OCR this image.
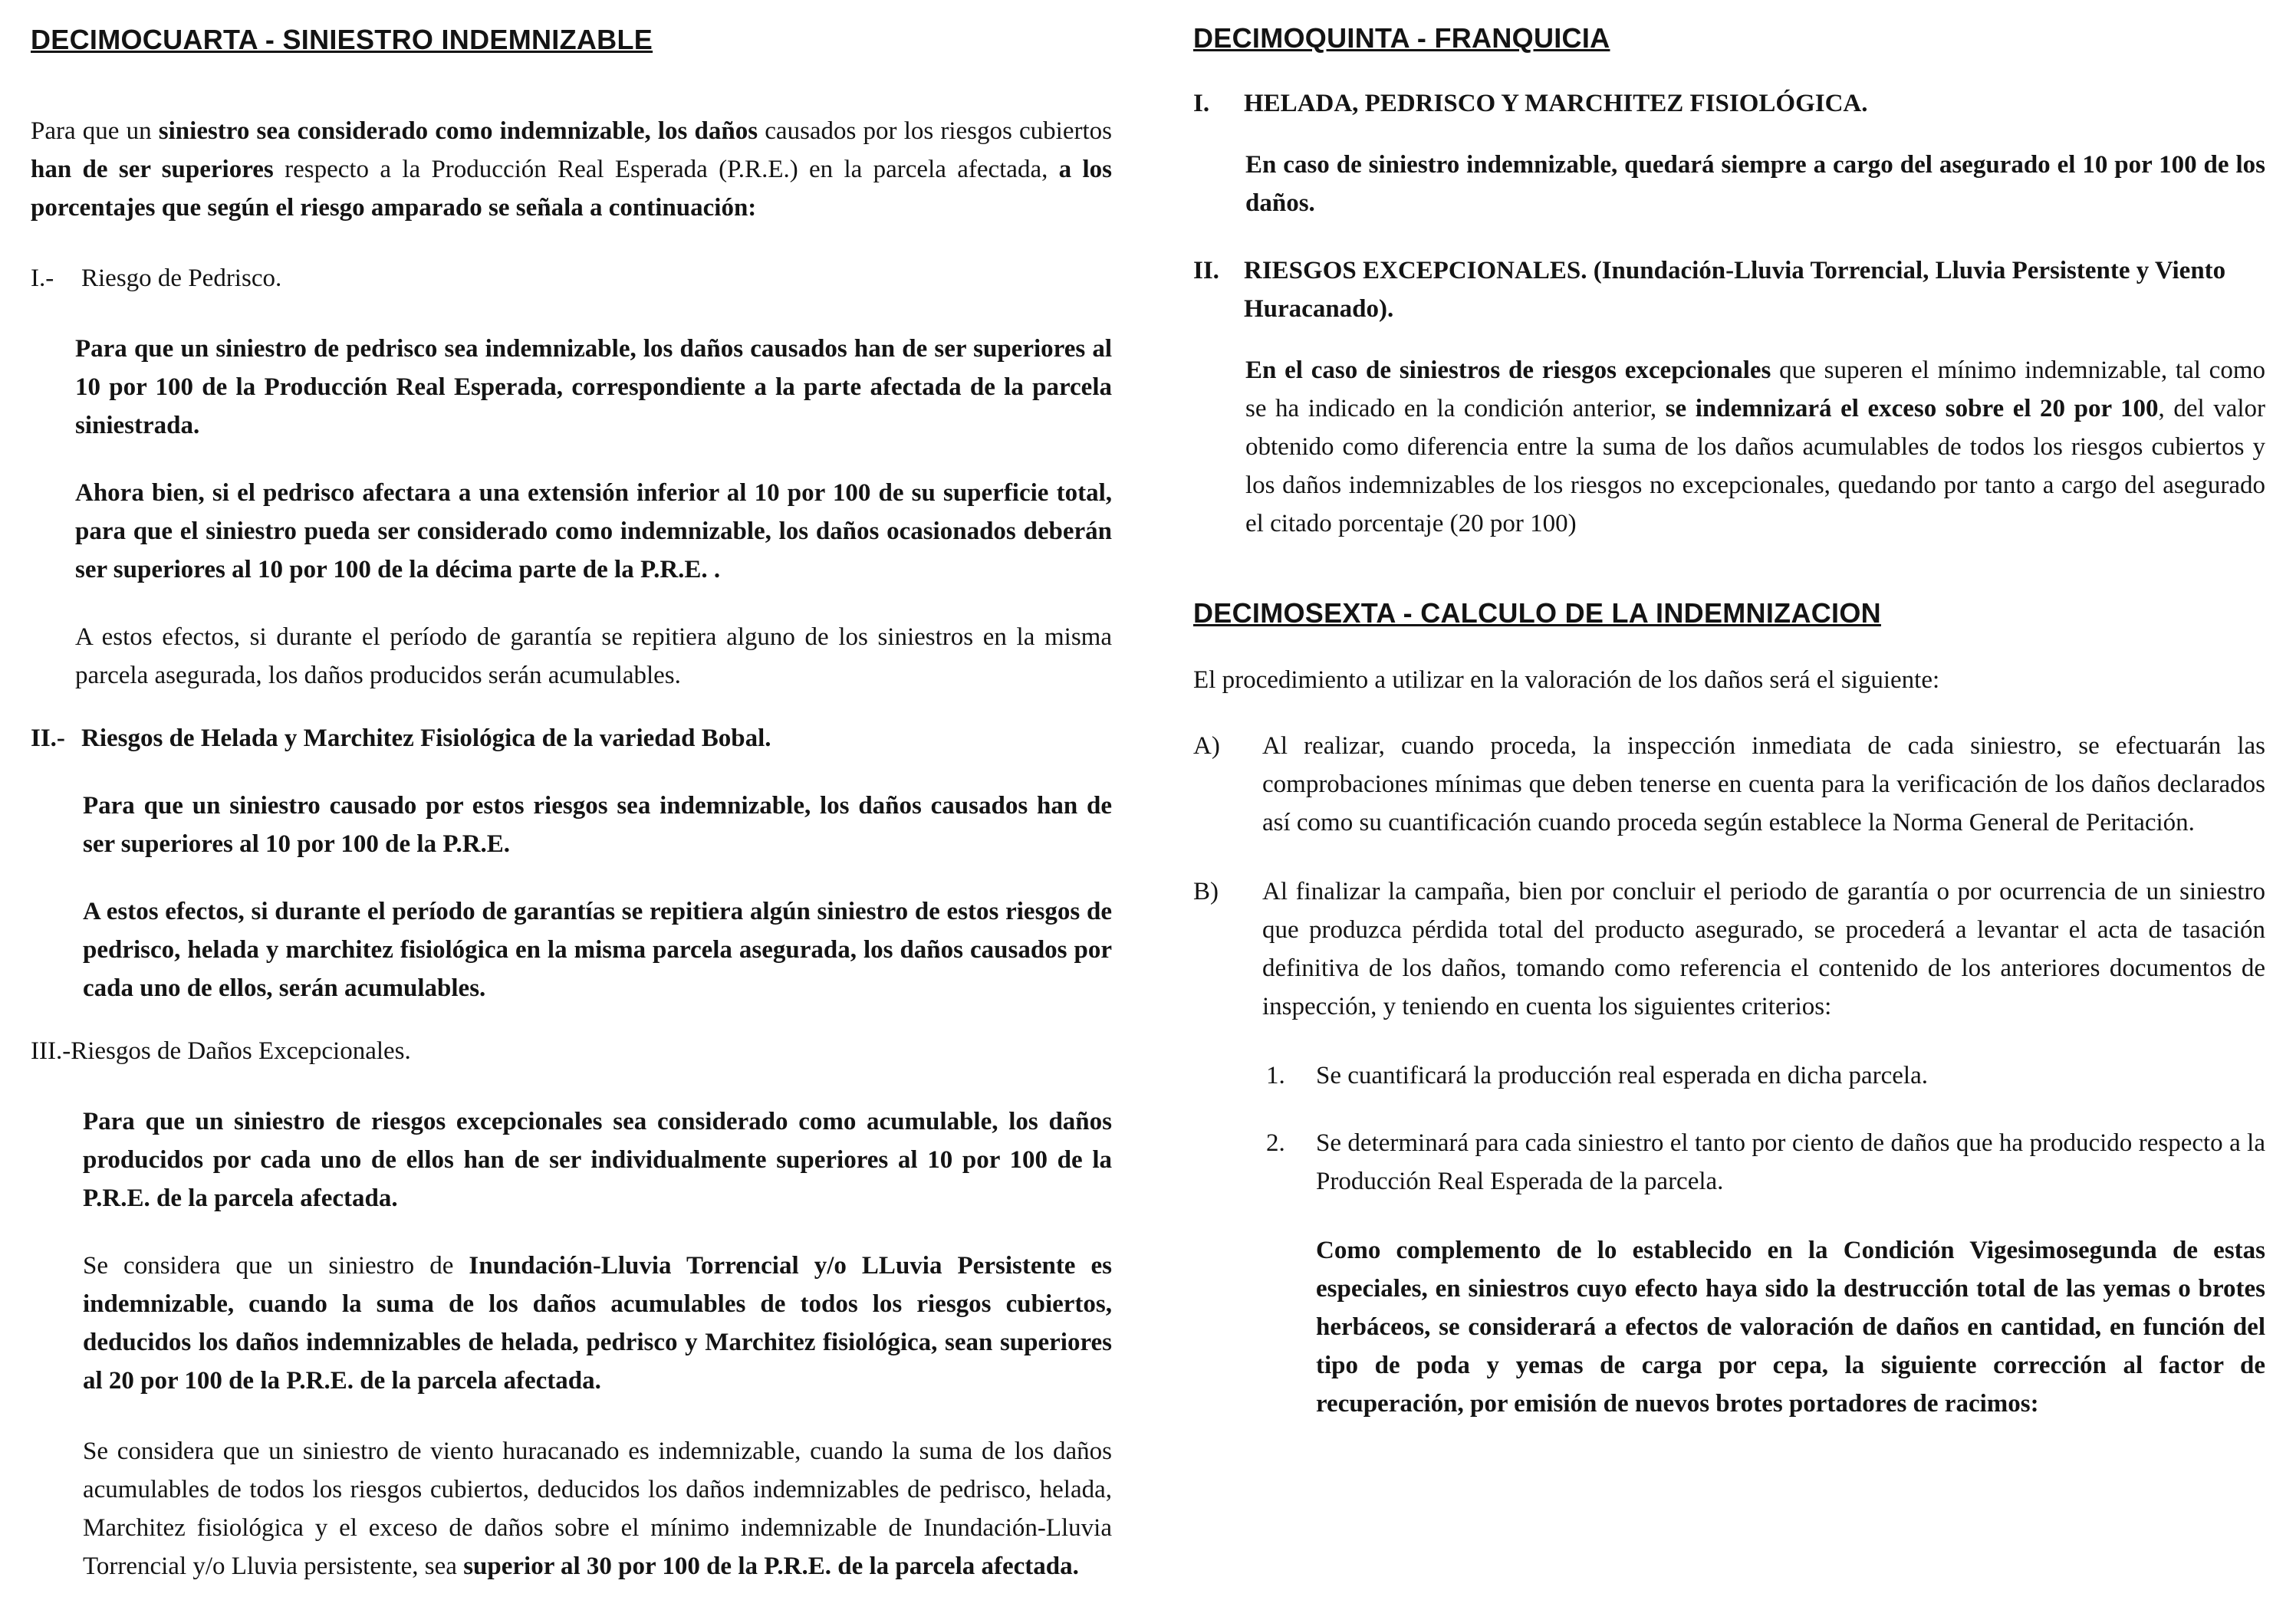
DECIMOCUARTA - SINIESTRO INDEMNIZABLE

Para que un siniestro sea considerado como indemnizable, los daños causados por los riesgos cubiertos han de ser superiores respecto a la Producción Real Esperada (P.R.E.) en la parcela afectada, a los porcentajes que según el riesgo amparado se señala a continuación:

I.- Riesgo de Pedrisco.

Para que un siniestro de pedrisco sea indemnizable, los daños causados han de ser superiores al 10 por 100 de la Producción Real Esperada, correspondiente a la parte afectada de la parcela siniestrada.

Ahora bien, si el pedrisco afectara a una extensión inferior al 10 por 100 de su superficie total, para que el siniestro pueda ser considerado como indemnizable, los daños ocasionados deberán ser superiores al 10 por 100 de la décima parte de la P.R.E. .

A estos efectos, si durante el período de garantía se repitiera alguno de los siniestros en la misma parcela asegurada, los daños producidos serán acumulables.

II.- Riesgos de Helada y Marchitez Fisiológica de la variedad Bobal.

Para que un siniestro causado por estos riesgos sea indemnizable, los daños causados han de ser superiores al 10 por 100 de la P.R.E.

A estos efectos, si durante el período de garantías se repitiera algún siniestro de estos riesgos de pedrisco, helada y marchitez fisiológica en la misma parcela asegurada, los daños causados por cada uno de ellos, serán acumulables.

III.-Riesgos de Daños Excepcionales.

Para que un siniestro de riesgos excepcionales sea considerado como acumulable, los daños producidos por cada uno de ellos han de ser individualmente superiores al 10 por 100 de la P.R.E. de la parcela afectada.

Se considera que un siniestro de Inundación-Lluvia Torrencial y/o LLuvia Persistente es indemnizable, cuando la suma de los daños acumulables de todos los riesgos cubiertos, deducidos los daños indemnizables de helada, pedrisco y Marchitez fisiológica, sean superiores al 20 por 100 de la P.R.E. de la parcela afectada.

Se considera que un siniestro de viento huracanado es indemnizable, cuando la suma de los daños acumulables de todos los riesgos cubiertos, deducidos los daños indemnizables de pedrisco, helada, Marchitez fisiológica y el exceso de daños sobre el mínimo indemnizable de Inundación-Lluvia Torrencial y/o Lluvia persistente, sea superior al 30 por 100 de la P.R.E. de la parcela afectada.

DECIMOQUINTA - FRANQUICIA
I. HELADA, PEDRISCO Y MARCHITEZ FISIOLÓGICA.

En caso de siniestro indemnizable, quedará siempre a cargo del asegurado el 10 por 100 de los daños.

II. RIESGOS EXCEPCIONALES. (Inundación-Lluvia Torrencial, Lluvia Persistente y Viento Huracanado).

En el caso de siniestros de riesgos excepcionales que superen el mínimo indemnizable, tal como se ha indicado en la condición anterior, se indemnizará el exceso sobre el 20 por 100, del valor obtenido como diferencia entre la suma de los daños acumulables de todos los riesgos cubiertos y los daños indemnizables de los riesgos no excepcionales, quedando por tanto a cargo del asegurado el citado porcentaje (20 por 100)

DECIMOSEXTA - CALCULO DE LA INDEMNIZACION

El procedimiento a utilizar en la valoración de los daños será el siguiente:

A) Al realizar, cuando proceda, la inspección inmediata de cada siniestro, se efectuarán las comprobaciones mínimas que deben tenerse en cuenta para la verificación de los daños declarados así como su cuantificación cuando proceda según establece la Norma General de Peritación.

B) Al finalizar la campaña, bien por concluir el periodo de garantía o por ocurrencia de un siniestro que produzca pérdida total del producto asegurado, se procederá a levantar el acta de tasación definitiva de los daños, tomando como referencia el contenido de los anteriores documentos de inspección, y teniendo en cuenta los siguientes criterios:

1. Se cuantificará la producción real esperada en dicha parcela.

2. Se determinará para cada siniestro el tanto por ciento de daños que ha producido respecto a la Producción Real Esperada de la parcela.

Como complemento de lo establecido en la Condición Vigesimosegunda de estas especiales, en siniestros cuyo efecto haya sido la destrucción total de las yemas o brotes herbáceos, se considerará a efectos de valoración de daños en cantidad, en función del tipo de poda y yemas de carga por cepa, la siguiente corrección al factor de recuperación, por emisión de nuevos brotes portadores de racimos:
